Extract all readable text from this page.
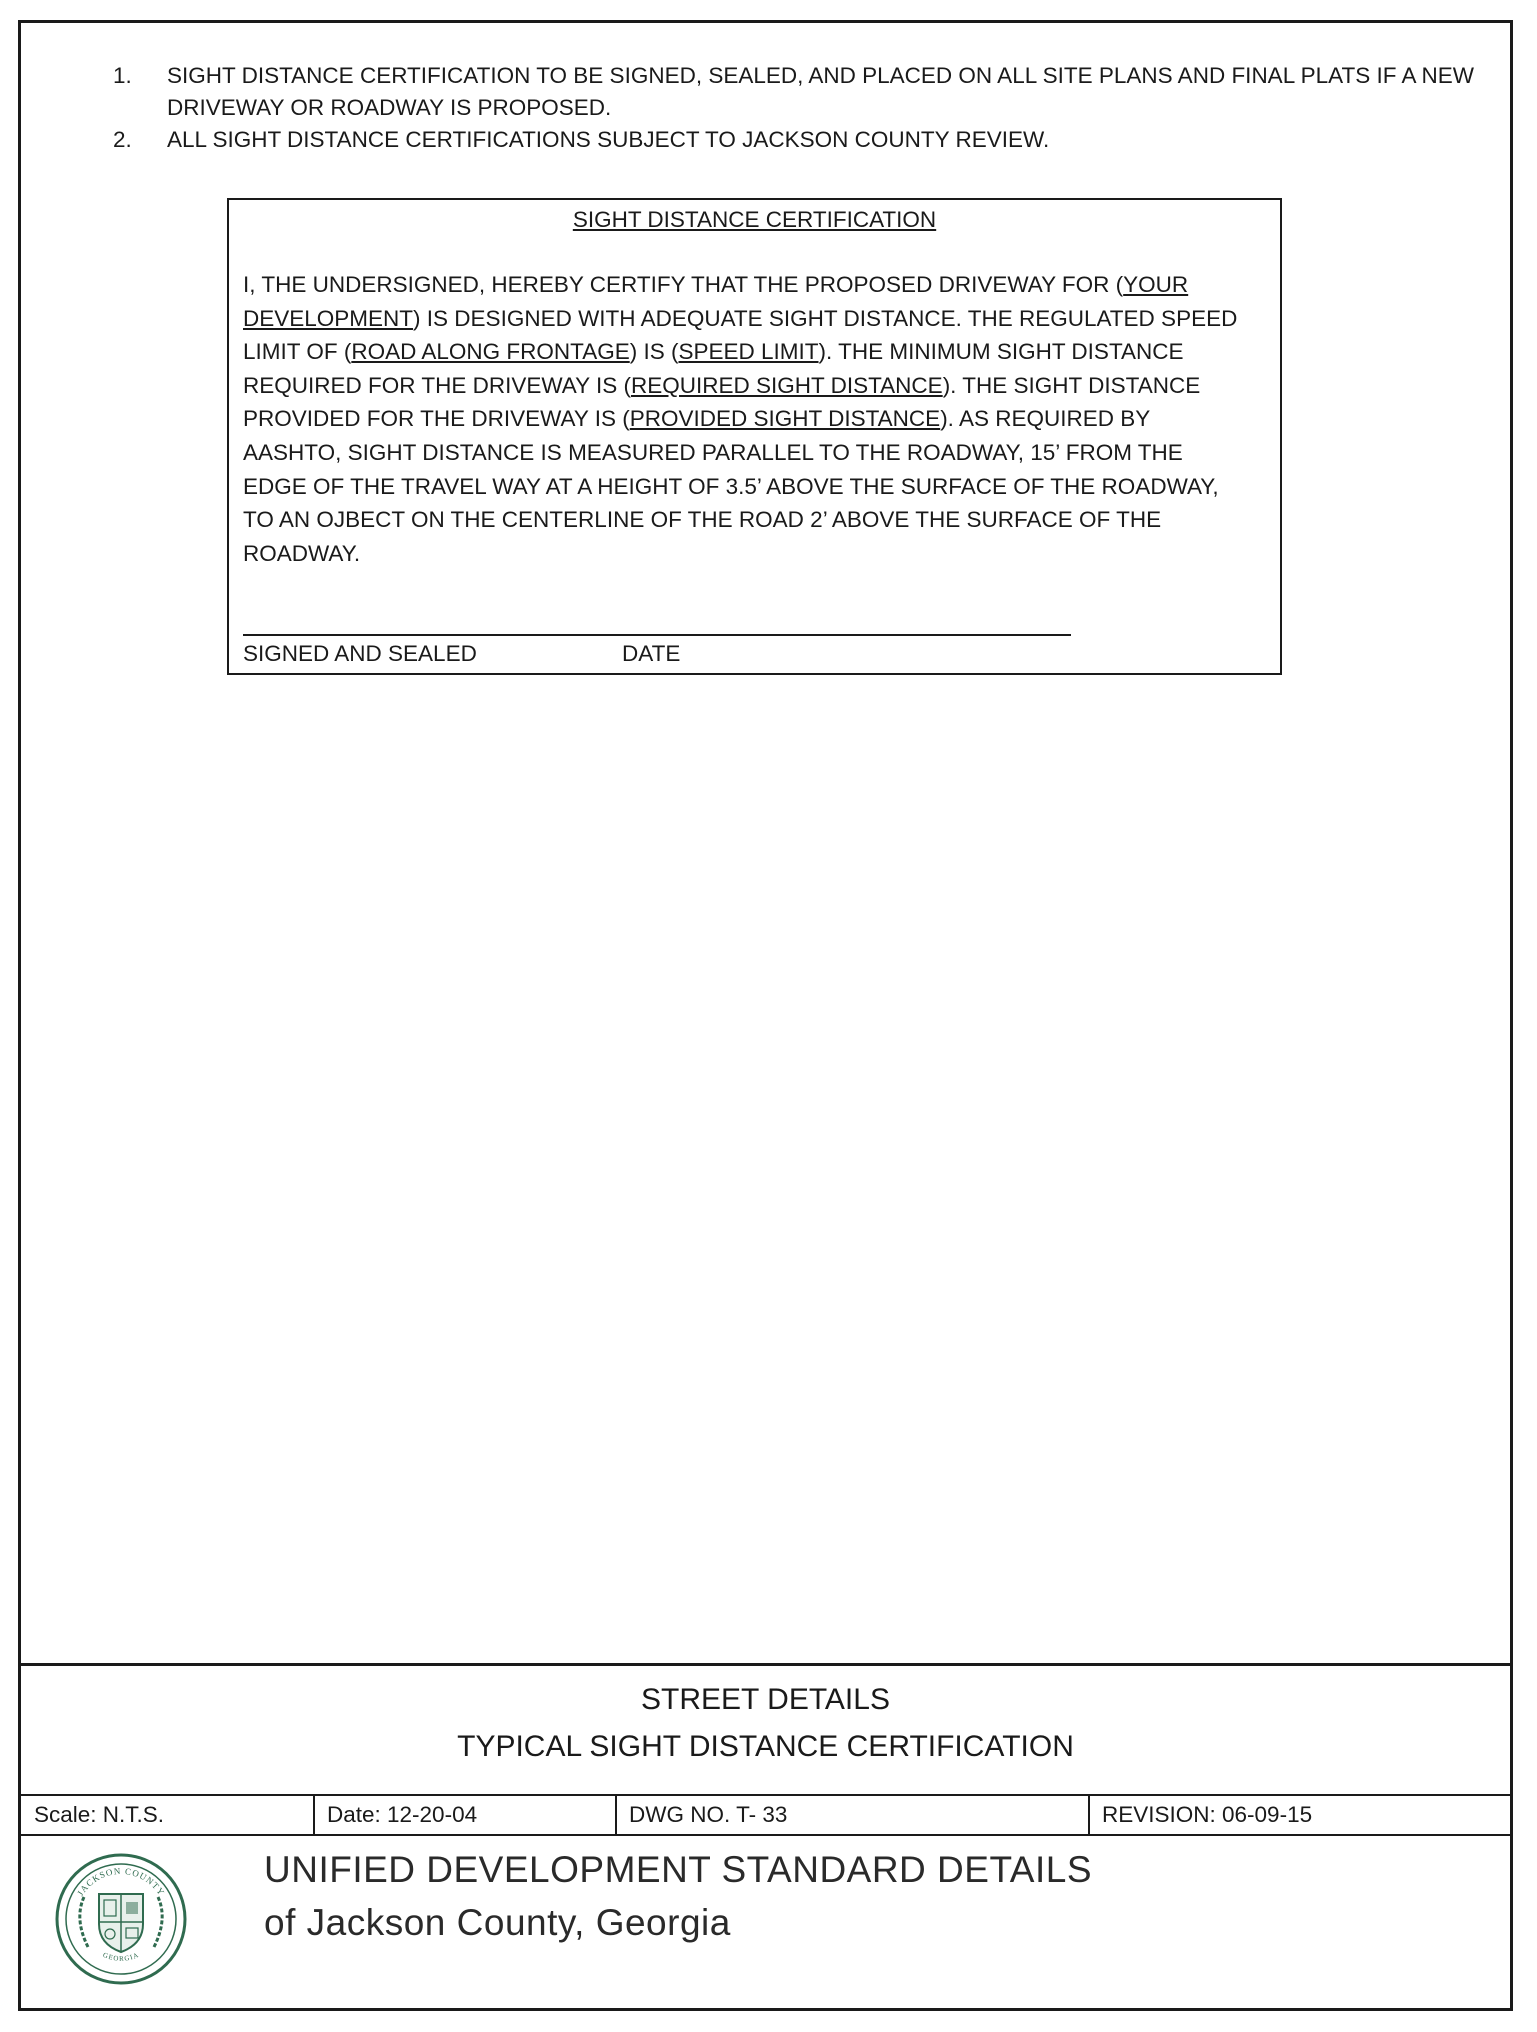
1. SIGHT DISTANCE CERTIFICATION TO BE SIGNED, SEALED, AND PLACED ON ALL SITE PLANS AND FINAL PLATS IF A NEW
DRIVEWAY OR ROADWAY IS PROPOSED.
2. ALL SIGHT DISTANCE CERTIFICATIONS SUBJECT TO JACKSON COUNTY REVIEW.
SIGHT DISTANCE CERTIFICATION
I, THE UNDERSIGNED, HEREBY CERTIFY THAT THE PROPOSED DRIVEWAY FOR (YOUR
DEVELOPMENT) IS DESIGNED WITH ADEQUATE SIGHT DISTANCE. THE REGULATED SPEED
LIMIT OF (ROAD ALONG FRONTAGE) IS (SPEED LIMIT). THE MINIMUM SIGHT DISTANCE
REQUIRED FOR THE DRIVEWAY IS (REQUIRED SIGHT DISTANCE). THE SIGHT DISTANCE
PROVIDED FOR THE DRIVEWAY IS (PROVIDED SIGHT DISTANCE). AS REQUIRED BY
AASHTO, SIGHT DISTANCE IS MEASURED PARALLEL TO THE ROADWAY, 15’ FROM THE
EDGE OF THE TRAVEL WAY AT A HEIGHT OF 3.5’ ABOVE THE SURFACE OF THE ROADWAY,
TO AN OJBECT ON THE CENTERLINE OF THE ROAD 2’ ABOVE THE SURFACE OF THE
ROADWAY.
SIGNED AND SEALED	DATE
STREET DETAILS
TYPICAL SIGHT DISTANCE CERTIFICATION
Scale: N.T.S.	Date: 12-20-04	DWG NO. T- 33	REVISION: 06-09-15
JACKSON COUNTY
GEORGIA
UNIFIED DEVELOPMENT STANDARD DETAILS
of Jackson County, Georgia
